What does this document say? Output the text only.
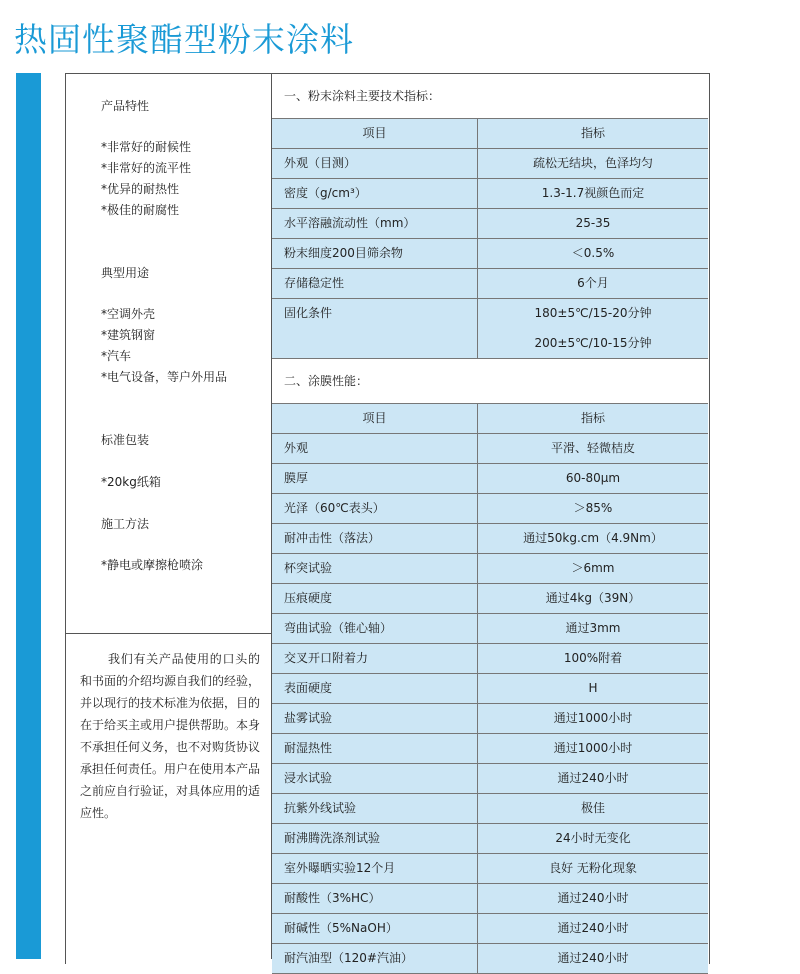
热固性聚酯型粉末涂料
产品特性
*非常好的耐候性
*非常好的流平性
*优异的耐热性
*极佳的耐腐性
典型用途
*空调外壳
*建筑钢窗
*汽车
*电气设备，等户外用品
标准包装
*20kg纸箱
施工方法
*静电或摩擦枪喷涂
我们有关产品使用的口头的和书面的介绍均源自我们的经验，并以现行的技术标准为依据，目的在于给买主或用户提供帮助。本身不承担任何义务，也不对购货协议承担任何责任。用户在使用本产品之前应自行验证，对具体应用的适应性。
一、粉末涂料主要技术指标：
项目	指标
外观（目测）	疏松无结块，色泽均匀
密度（g/cm³）	1.3-1.7视颜色而定
水平溶融流动性（mm）	25-35
粉末细度200目筛余物	＜0.5%
存储稳定性	6个月
固化条件	180±5℃/15-20分钟
200±5℃/10-15分钟
二、涂膜性能：
项目	指标
外观	平滑、轻微桔皮
膜厚	60-80μm
光泽（60℃表头）	＞85%
耐冲击性（落法）	通过50kg.cm（4.9Nm）
杯突试验	＞6mm
压痕硬度	通过4kg（39N）
弯曲试验（锥心轴）	通过3mm
交叉开口附着力	100%附着
表面硬度	H
盐雾试验	通过1000小时
耐湿热性	通过1000小时
浸水试验	通过240小时
抗紫外线试验	极佳
耐沸腾洗涤剂试验	24小时无变化
室外曝晒实验12个月	良好 无粉化现象
耐酸性（3%HC）	通过240小时
耐碱性（5%NaOH）	通过240小时
耐汽油型（120#汽油）	通过240小时
